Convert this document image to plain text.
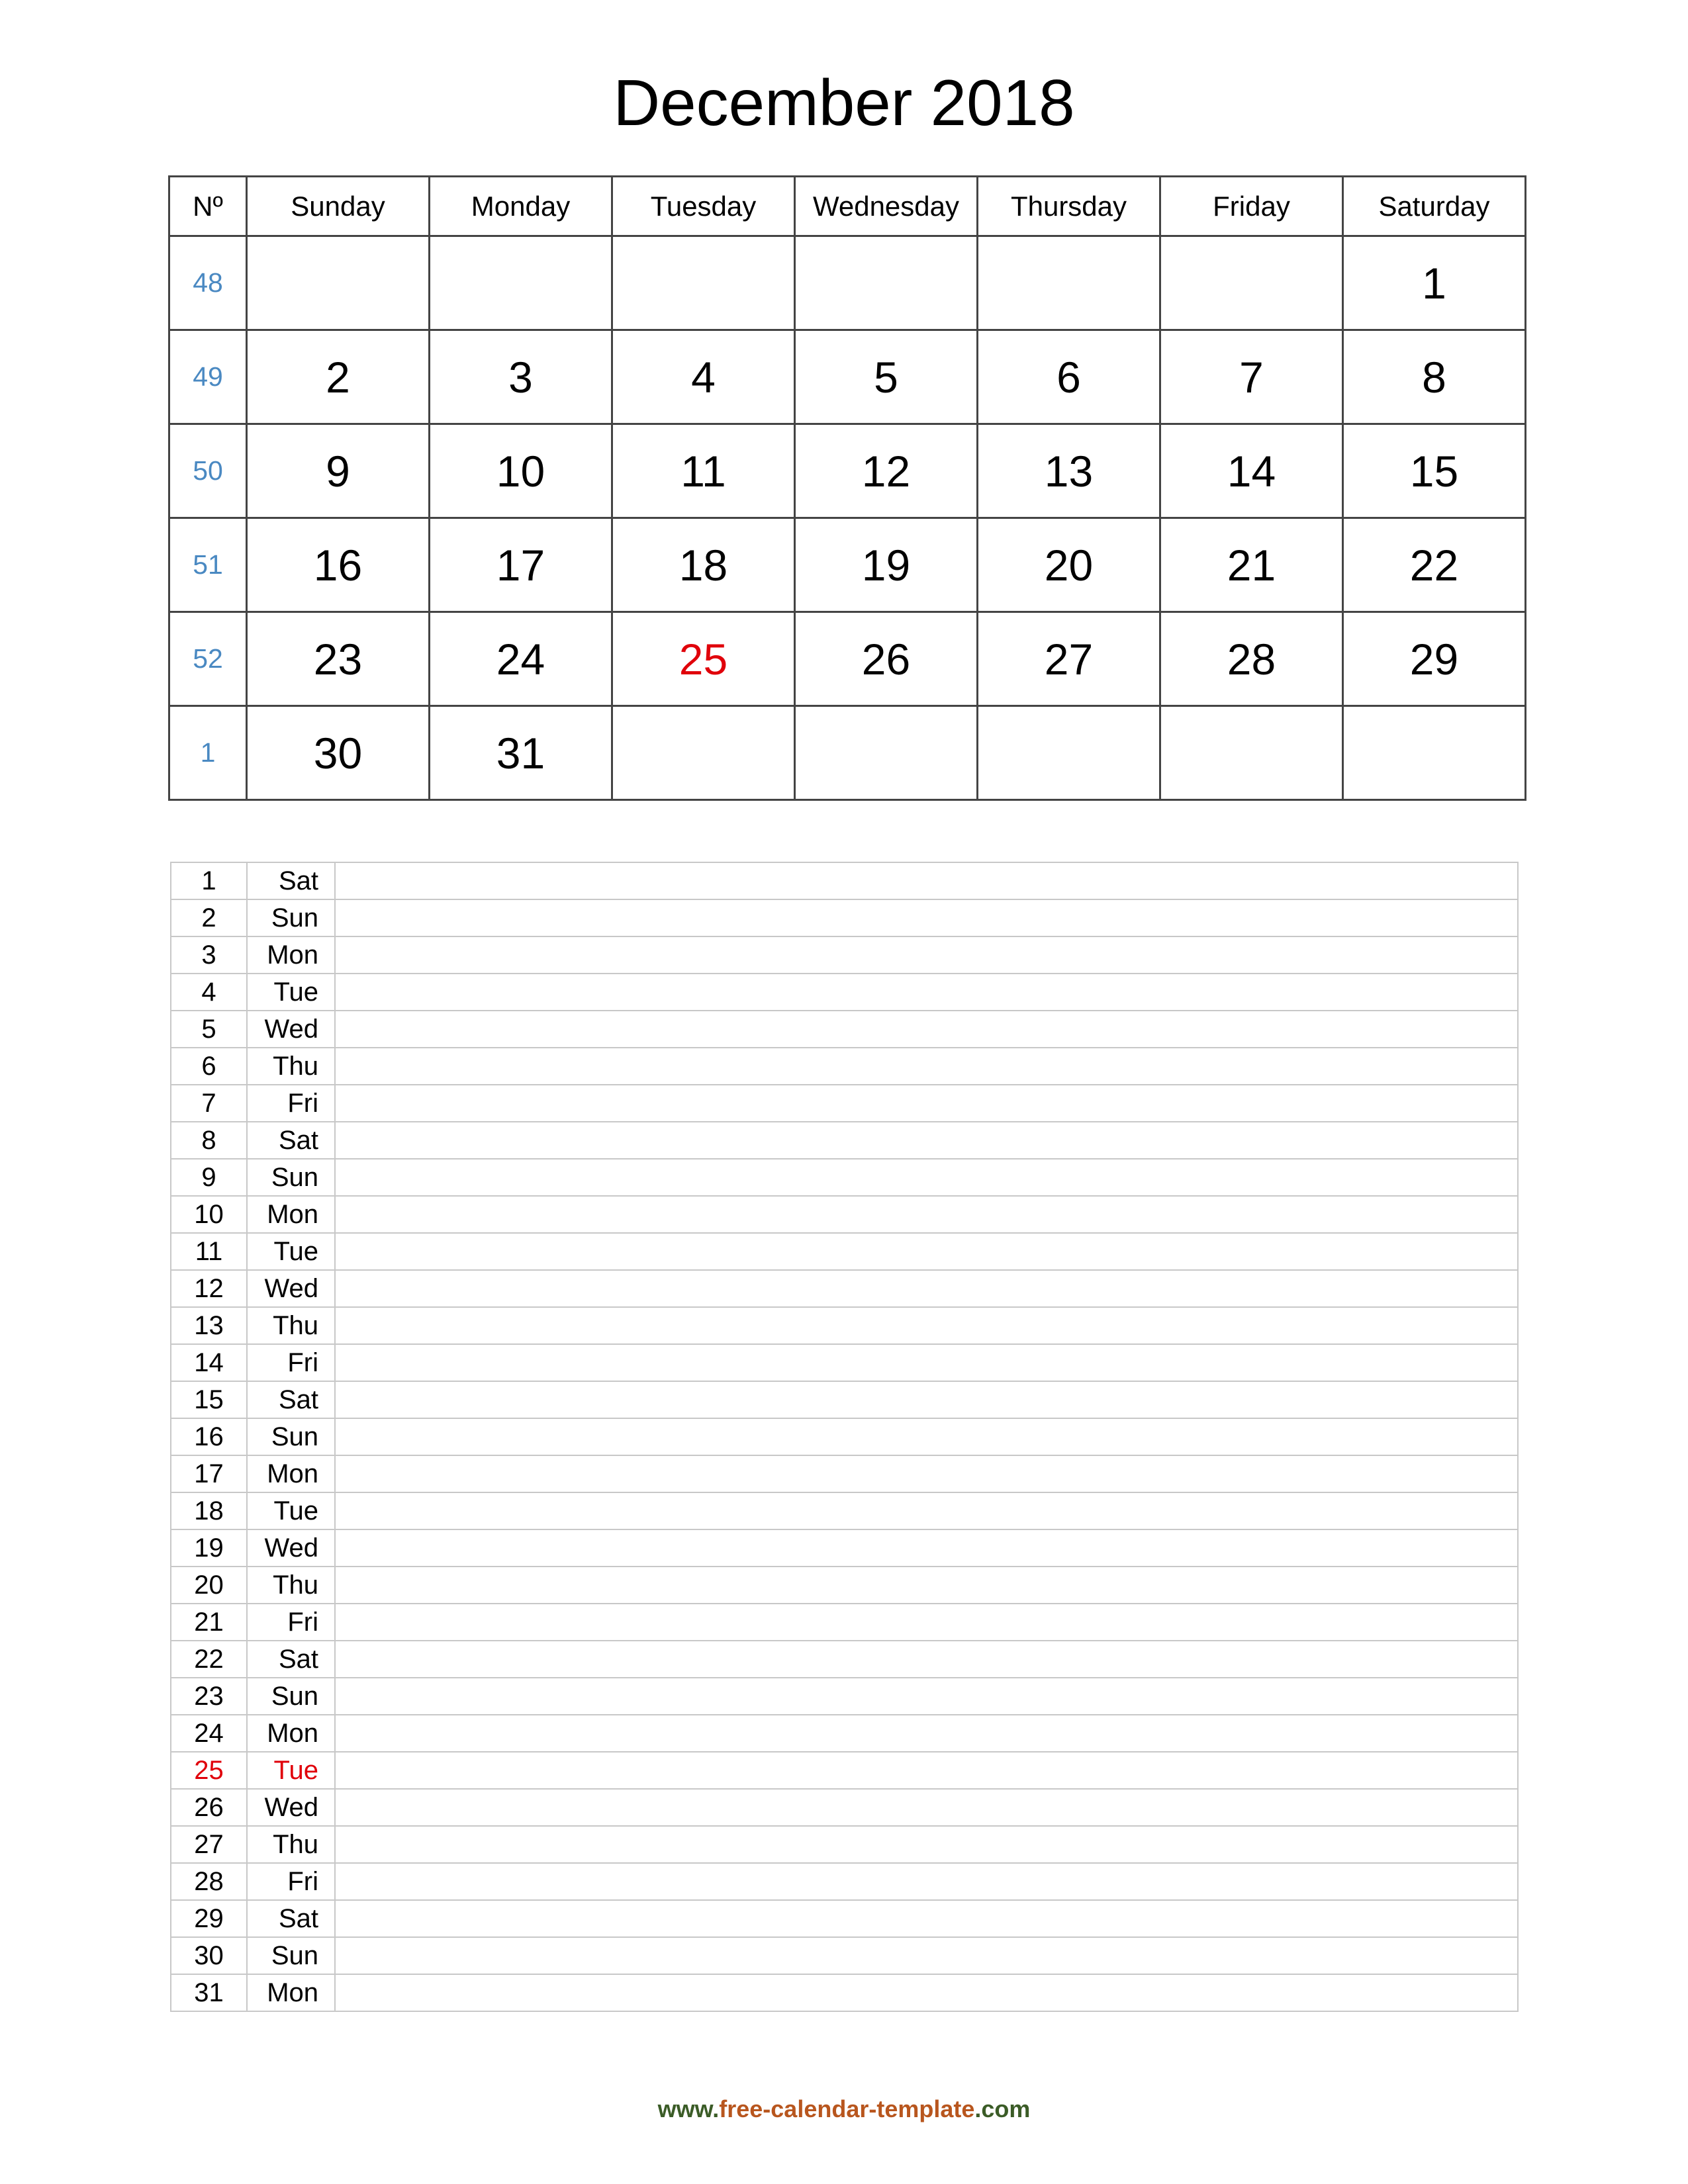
December 2018
Nº	Sunday	Monday	Tuesday	Wednesday	Thursday	Friday	Saturday
48							1
49	2	3	4	5	6	7	8
50	9	10	11	12	13	14	15
51	16	17	18	19	20	21	22
52	23	24	25	26	27	28	29
1	30	31					
1	Sat	
2	Sun	
3	Mon	
4	Tue	
5	Wed	
6	Thu	
7	Fri	
8	Sat	
9	Sun	
10	Mon	
11	Tue	
12	Wed	
13	Thu	
14	Fri	
15	Sat	
16	Sun	
17	Mon	
18	Tue	
19	Wed	
20	Thu	
21	Fri	
22	Sat	
23	Sun	
24	Mon	
25	Tue	
26	Wed	
27	Thu	
28	Fri	
29	Sat	
30	Sun	
31	Mon	
www.free-calendar-template.com
